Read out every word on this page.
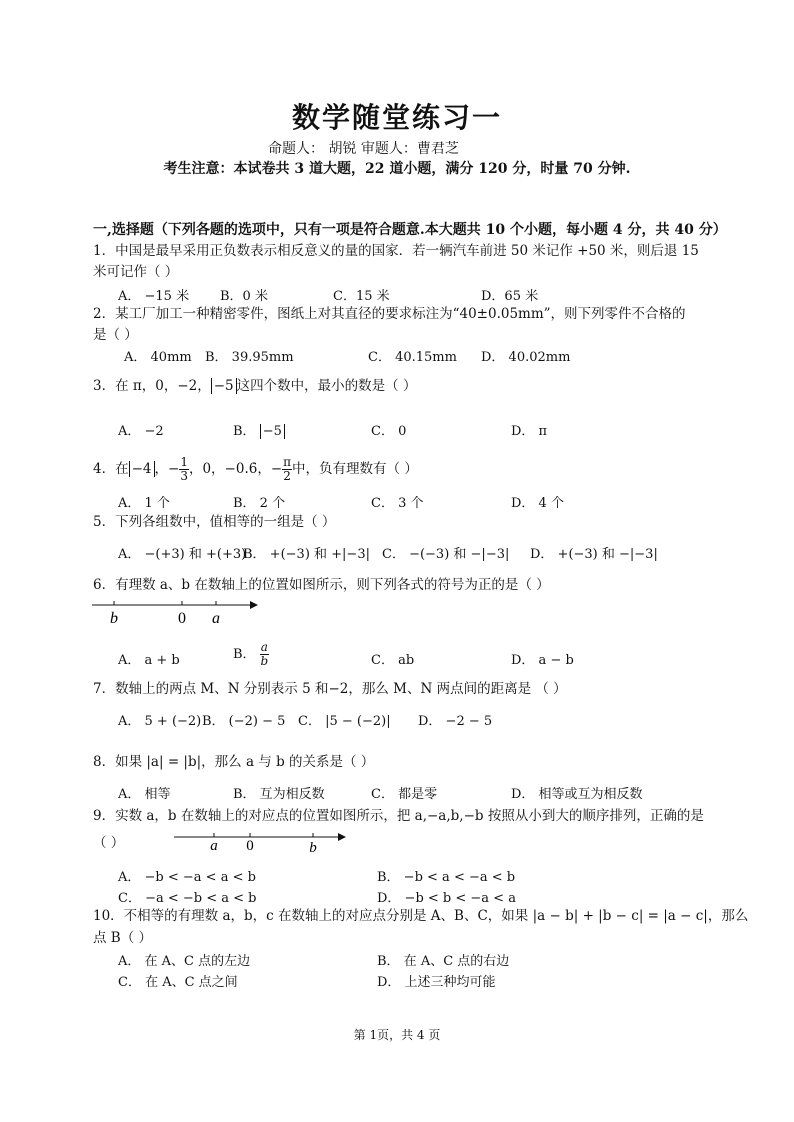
数学随堂练习一
命题人： 胡锐 审题人：曹君芝
考生注意：本试卷共 3 道大题，22 道小题，满分 120 分，时量 70 分钟.
一,选择题（下列各题的选项中，只有一项是符合题意.本大题共 10 个小题，每小题 4 分，共 40 分）
1．中国是最早采用正负数表示相反意义的量的国家．若一辆汽车前进 50 米记作 +50 米，则后退 15
米可记作（ ）
A． −15 米 B．0 米	C．15 米	D．65 米
2．某工厂加工一种精密零件，图纸上对其直径的要求标注为“40±0.05mm”，则下列零件不合格的
是（ ）
A． 40mm B． 39.95mm	C． 40.15mm D． 40.02mm
3．在 π，0，−2， −5 这四个数中，最小的数是（ ）
A． −2	B． −5	C． 0	D． π
4．在 −4 ，− $\frac{1}{3}$ ，0，−0.6̇，− $\frac{\pi}{2}$ 中，负有理数有（ ）
A． 1 个	B． 2 个	C． 3 个	D． 4 个
5．下列各组数中，值相等的一组是（ ）
A． −(+3) 和 +(+3)
B． +(−3) 和 +|−3| C． −(−3) 和 −|−3| D． +(−3) 和 −|−3|
6．有理数 a、b 在数轴上的位置如图所示，则下列各式的符号为正的是（ ）
b	0 a
A． a + b	B． $\frac{a}{b}$	C． ab	D． a − b
7．数轴上的两点 M、N 分别表示 5 和−2，那么 M、N 两点间的距离是 （ ）
A． 5 + (−2) B． (−2) − 5 C． |5 − (−2)| D． −2 − 5
8．如果 |a| = |b|，那么 a 与 b 的关系是（ ）
A． 相等	B． 互为相反数	C． 都是零	D． 相等或互为相反数
9．实数 a，b 在数轴上的对应点的位置如图所示，把 a,−a,b,−b 按照从小到大的顺序排列，正确的是
（ ）	a 0	b
A． −b < −a < a < b	B． −b < a < −a < b
C． −a < −b < a < b	D． −b < b < −a < a
10．不相等的有理数 a，b，c 在数轴上的对应点分别是 A、B、C，如果 |a − b| + |b − c| = |a − c|，那么
点 B（ ）
A． 在 A、C 点的左边	B． 在 A、C 点的右边
C． 在 A、C 点之间	D． 上述三种均可能
第 1页，共 4 页
